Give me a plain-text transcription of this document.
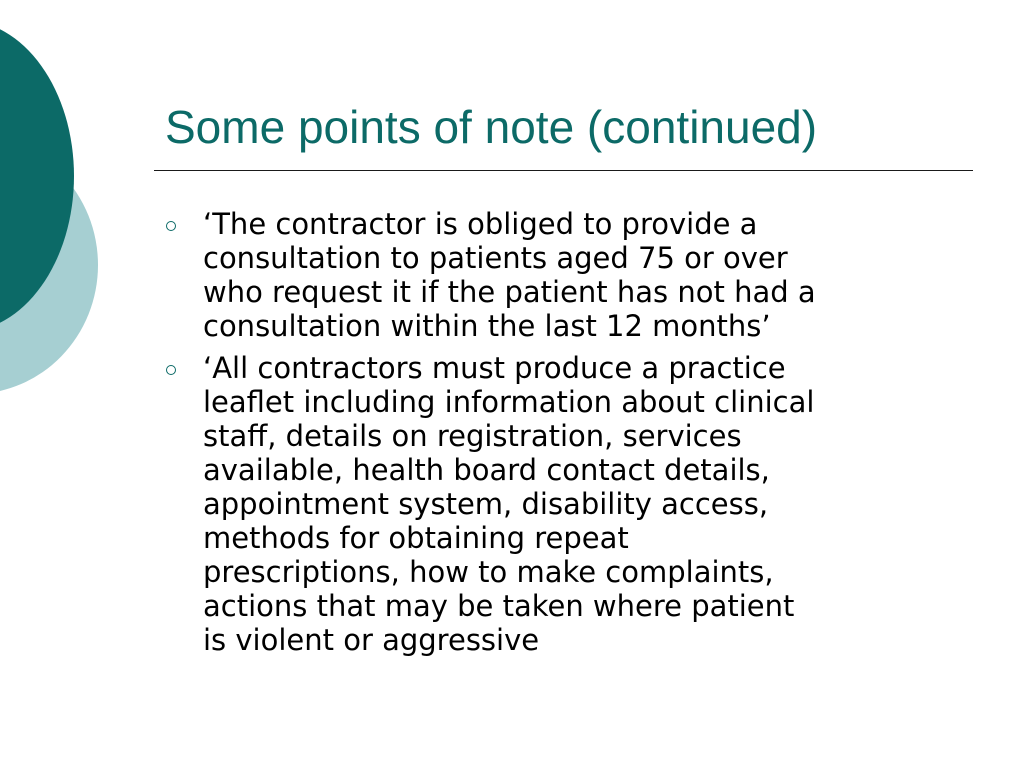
Some points of note (continued)
‘The contractor is obliged to provide a
consultation to patients aged 75 or over
who request it if the patient has not had a
consultation within the last 12 months’
‘All contractors must produce a practice
leaflet including information about clinical
staff, details on registration, services
available, health board contact details,
appointment system, disability access,
methods for obtaining repeat
prescriptions, how to make complaints,
actions that may be taken where patient
is violent or aggressive
